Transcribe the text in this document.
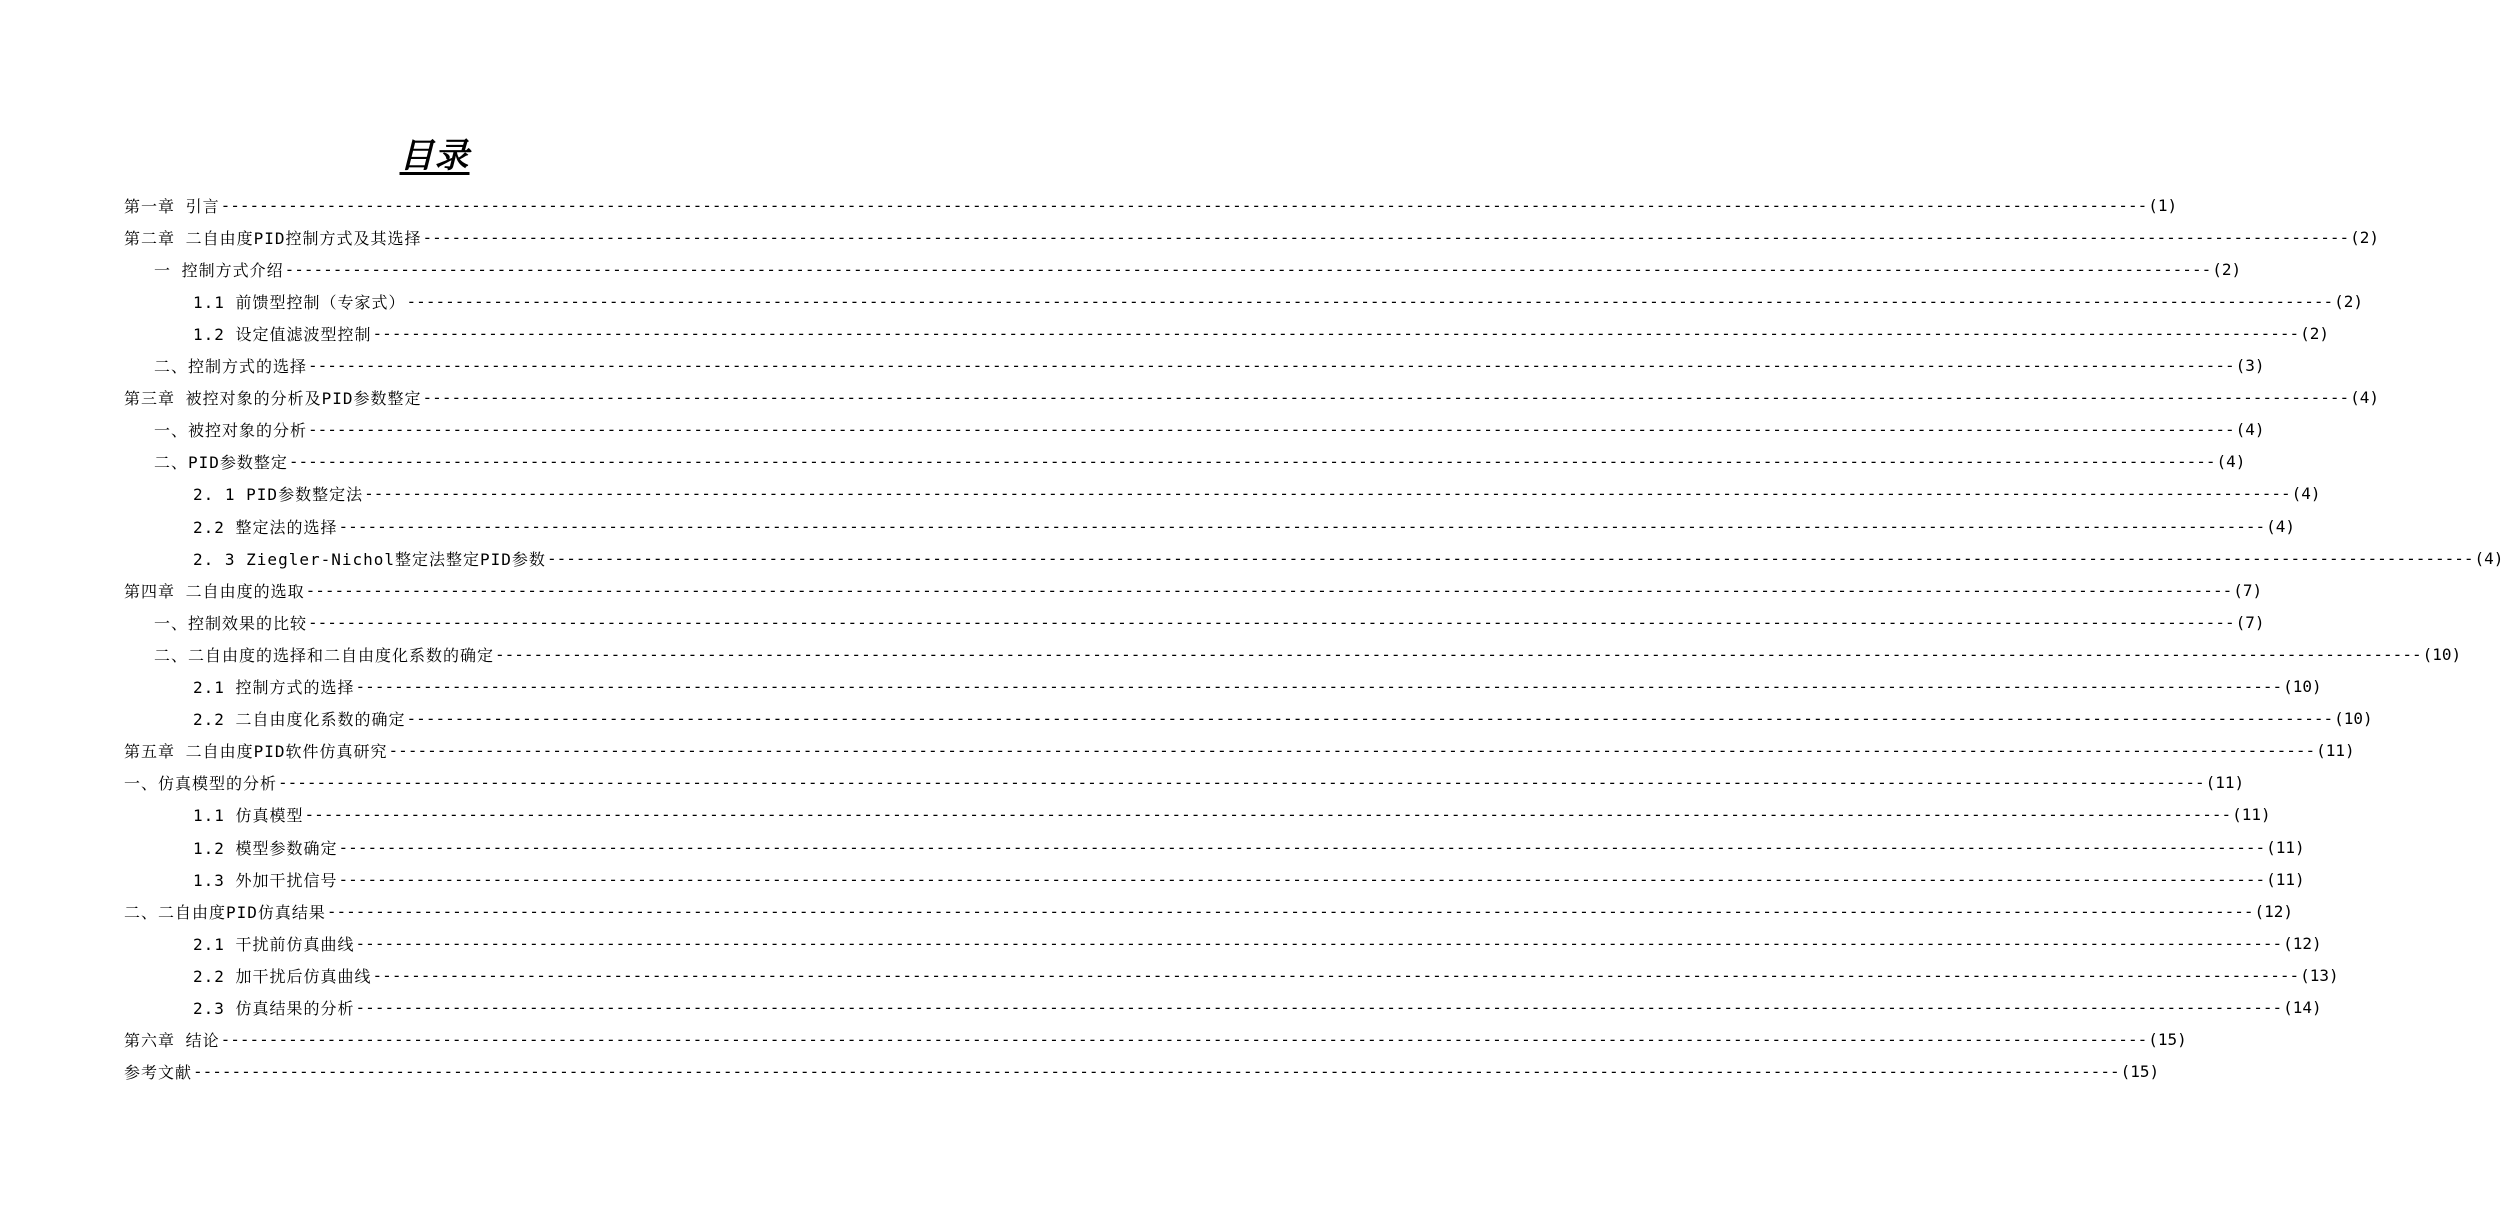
目录
第一章 引言 -------------------------------------------------------------------------------------------------------------------------------------------------------------------------------------------------------- (1)
第二章 二自由度PID控制方式及其选择 -------------------------------------------------------------------------------------------------------------------------------------------------------------------------------------------------------- (2)
一 控制方式介绍 -------------------------------------------------------------------------------------------------------------------------------------------------------------------------------------------------------- (2)
1.1 前馈型控制（专家式） -------------------------------------------------------------------------------------------------------------------------------------------------------------------------------------------------------- (2)
1.2 设定值滤波型控制 -------------------------------------------------------------------------------------------------------------------------------------------------------------------------------------------------------- (2)
二、控制方式的选择 -------------------------------------------------------------------------------------------------------------------------------------------------------------------------------------------------------- (3)
第三章 被控对象的分析及PID参数整定 -------------------------------------------------------------------------------------------------------------------------------------------------------------------------------------------------------- (4)
一、被控对象的分析 -------------------------------------------------------------------------------------------------------------------------------------------------------------------------------------------------------- (4)
二、PID参数整定 -------------------------------------------------------------------------------------------------------------------------------------------------------------------------------------------------------- (4)
2. 1 PID参数整定法 -------------------------------------------------------------------------------------------------------------------------------------------------------------------------------------------------------- (4)
2.2 整定法的选择 -------------------------------------------------------------------------------------------------------------------------------------------------------------------------------------------------------- (4)
2. 3 Ziegler-Nichol整定法整定PID参数 -------------------------------------------------------------------------------------------------------------------------------------------------------------------------------------------------------- (4)
第四章 二自由度的选取 -------------------------------------------------------------------------------------------------------------------------------------------------------------------------------------------------------- (7)
一、控制效果的比较 -------------------------------------------------------------------------------------------------------------------------------------------------------------------------------------------------------- (7)
二、二自由度的选择和二自由度化系数的确定 -------------------------------------------------------------------------------------------------------------------------------------------------------------------------------------------------------- (10)
2.1 控制方式的选择 -------------------------------------------------------------------------------------------------------------------------------------------------------------------------------------------------------- (10)
2.2 二自由度化系数的确定 -------------------------------------------------------------------------------------------------------------------------------------------------------------------------------------------------------- (10)
第五章 二自由度PID软件仿真研究 -------------------------------------------------------------------------------------------------------------------------------------------------------------------------------------------------------- (11)
一、仿真模型的分析 -------------------------------------------------------------------------------------------------------------------------------------------------------------------------------------------------------- (11)
1.1 仿真模型 -------------------------------------------------------------------------------------------------------------------------------------------------------------------------------------------------------- (11)
1.2 模型参数确定 -------------------------------------------------------------------------------------------------------------------------------------------------------------------------------------------------------- (11)
1.3 外加干扰信号 -------------------------------------------------------------------------------------------------------------------------------------------------------------------------------------------------------- (11)
二、二自由度PID仿真结果 -------------------------------------------------------------------------------------------------------------------------------------------------------------------------------------------------------- (12)
2.1 干扰前仿真曲线 -------------------------------------------------------------------------------------------------------------------------------------------------------------------------------------------------------- (12)
2.2 加干扰后仿真曲线 -------------------------------------------------------------------------------------------------------------------------------------------------------------------------------------------------------- (13)
2.3 仿真结果的分析 -------------------------------------------------------------------------------------------------------------------------------------------------------------------------------------------------------- (14)
第六章 结论 -------------------------------------------------------------------------------------------------------------------------------------------------------------------------------------------------------- (15)
参考文献 -------------------------------------------------------------------------------------------------------------------------------------------------------------------------------------------------------- (15)
